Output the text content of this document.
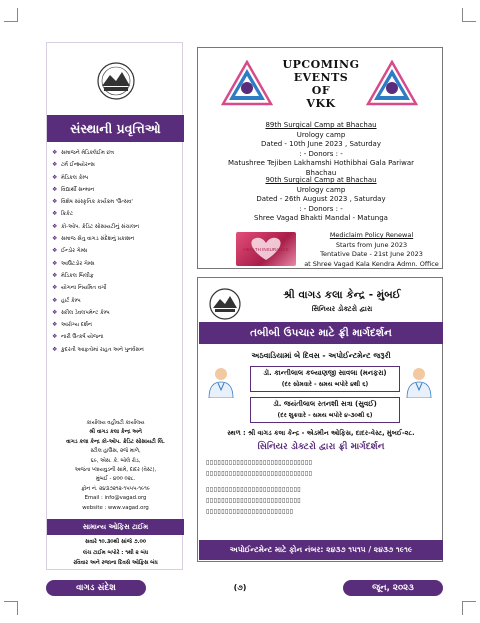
સંસ્થાની પ્રવૃત્તિઓ
❖ સમાજને મેડિક્લેઈમ છત્ર
❖ ટર્મ ઈન્શ્યોરન્સ
❖ મેડિકલ કેમ્પ
❖ વિદ્યાર્થી સન્માન
❖ વિશેષ સાંસ્કૃતિક કાર્યક્રમ 'ઉત્સવ'
❖ ક્રિકેટ
❖ કો-ઓપ. ક્રેડિટ સોસાયટીનું સંચાલન
❖ સમાજ સેતુ વાગડ સંદેશનું પ્રકાશન
❖ ઈન્ડોર ગેમ્સ
❖ આઉટડોર ગેમ્સ
❖ મેડિકલ બિલીફ
❖ યોગના નિયમિત વર્ગો
❖ હાર્ટ કેમ્પ
❖ સ્કીલ ડેવલપમેન્ટ કેમ્પ
❖ આરોગ્ય દર્શન
❖ નારી ઉત્કર્ષ યોજના
❖ કુદરતી આફતોમાં રાહત અને પુનર્વસન
કાર્યાલય વહીવટી કાર્યાલય
શ્રી વાગડ કલા કેન્દ્ર અને
વાગડ કલા કેન્દ્ર કો-ઓપ. ક્રેડિટ સોસાયટી લિ.
સ્ટીલ હાઉસ, ૨જે માળે,
૬૯, એસ. કે. બોલે રોડ,
અજંતા પ્લાયવુડની સામે, દાદર (વેસ્ટ),
મુંબઈ - ૪૦૦ ૦૨૮.
ફોન નં. ૨૪૩૭૨૧૨-૧૫૫૫-૧૯૧૯
Email : info@vagad.org
website : www.vagad.org
સામાન્ય ઓફિસ ટાઈમ
સવારે ૧૦.૩૦થી સાંજે ૭.૦૦
લંચ ટાઈમ બપોરે : ૧થી ૨ બંધ
રવિવાર અને રજાના દિવસે ઓફિસ બંધ
UPCOMING
EVENTS
OF
VKK
89th Surgical Camp at Bhachau
Urology camp
Dated - 10th June 2023 , Saturday
: - Donors : -
Matushree Tejiben Lakhamshi Hothibhai Gala Pariwar
Bhachau
90th Surgical Camp at Bhachau
Urology camp
Dated - 26th August 2023 , Saturday
: - Donors : -
Shree Vagad Bhakti Mandal - Matunga
HEALTH INSURANCE
Mediclaim Policy Renewal
Starts from June 2023
Tentative Date - 21st June 2023
at Shree Vagad Kala Kendra Admn. Office
શ્રી વાગડ કલા કેન્દ્ર - મુંબઈ
સિનિયર ડોક્ટરો દ્વારા
તબીબી ઉપચાર માટે ફ્રી માર્ગદર્શન
અઠવાડિયામાં બે દિવસ - અપોઈન્ટમેન્ટ જરૂરી
ડૉ. કાન્તીલાલ કલ્યાણજી સાવલા (મનફરા)
(દર સોમવારે - સમય બપોરે ૪થી ૬)
ડૉ. જયંતીલાલ રતનશી સત્રા (સુવઈ)
(દર શુક્રવારે - સમય બપોરે ૪-૩૦થી ૬)
સ્થળ : શ્રી વાગડ કલા કેન્દ્ર - એડમીન ઓફિસ, દાદર-વેસ્ટ, મુંબઈ-૨૮.
સિનિયર ડોક્ટરો દ્વારા ફ્રી માર્ગદર્શન
▯▯▯▯▯▯▯▯▯▯▯▯▯▯▯▯▯▯▯▯▯▯▯▯▯▯▯▯
▯▯▯▯▯▯▯▯▯▯▯▯▯▯▯▯▯▯▯▯▯▯▯▯▯▯▯▯
▯▯▯▯▯▯▯▯▯▯▯▯▯▯▯▯▯▯▯▯▯▯▯▯▯
▯▯▯▯▯▯▯▯▯▯▯▯▯▯▯▯▯▯▯▯▯▯▯▯▯
▯▯▯▯▯▯▯▯▯▯▯▯▯▯▯▯▯▯▯▯▯▯▯
અપોઈન્ટમેન્ટ માટે ફોન નંબર: ૨૪૩૭ ૧૫૧૫ / ૨૪૩૭ ૧૯૧૯
વાગડ સંદેશ	(૭)	જૂન, ૨૦૨૩
